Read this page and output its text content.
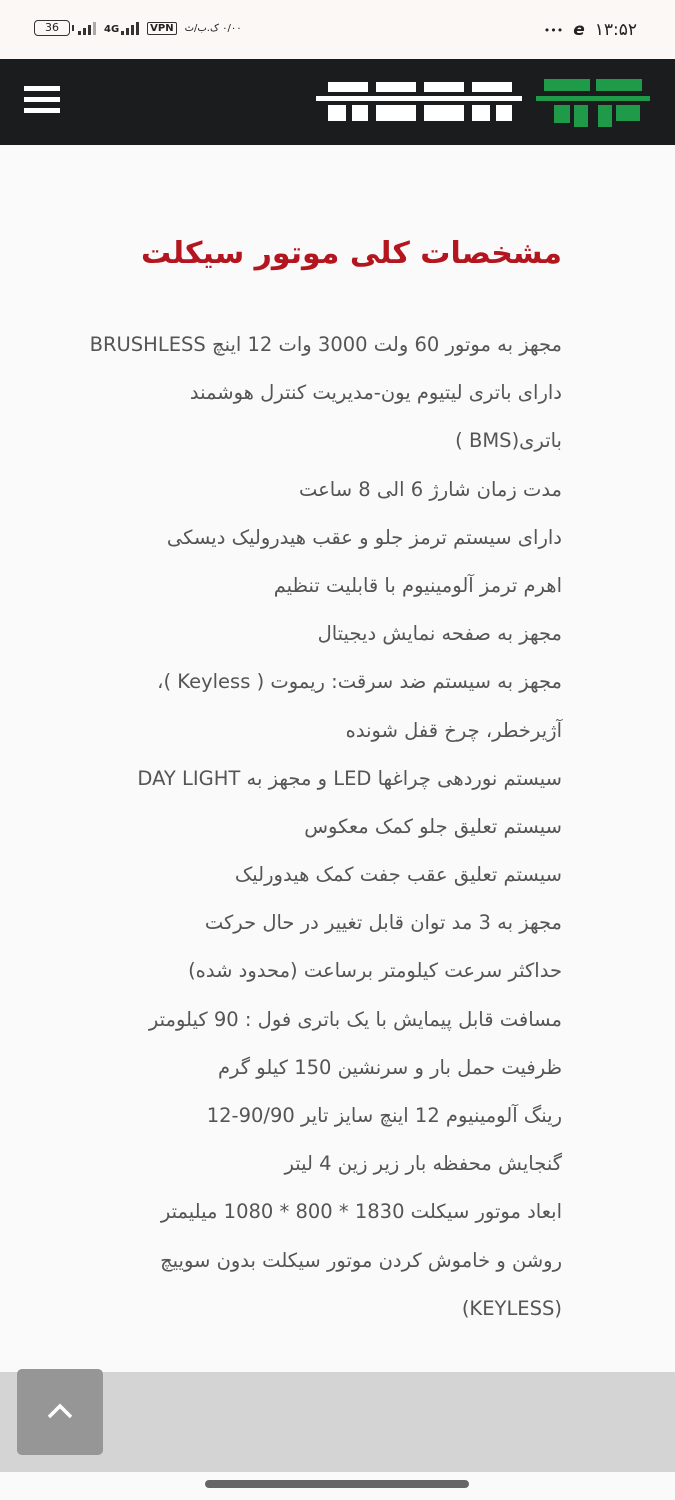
36	4G	VPN	۰/۰۰ ک.ب/ث	••• e ۱۳:۵۲
مشخصات کلی موتور سیکلت
مجهز به موتور 60 ولت 3000 وات 12 اینچ BRUSHLESS
دارای باتری لیتیوم یون-مدیریت کنترل هوشمند
باتری(BMS )
مدت زمان شارژ 6 الی 8 ساعت
دارای سیستم ترمز جلو و عقب هیدرولیک دیسکی
اهرم ترمز آلومینیوم با قابلیت تنظیم
مجهز به صفحه نمایش دیجیتال
مجهز به سیستم ضد سرقت: ریموت ( Keyless )،
آژیرخطر، چرخ قفل شونده
سیستم نوردهی چراغها LED و مجهز به DAY LIGHT
سیستم تعلیق جلو کمک معکوس
سیستم تعلیق عقب جفت کمک هیدورلیک
مجهز به 3 مد توان قابل تغییر در حال حرکت
حداکثر سرعت کیلومتر برساعت (محدود شده)
مسافت قابل پیمایش با یک باتری فول : 90 کیلومتر
ظرفیت حمل بار و سرنشین 150 کیلو گرم
رینگ آلومینیوم 12 اینچ سایز تایر 90/90-12
گنجایش محفظه بار زیر زین 4 لیتر
ابعاد موتور سیکلت 1830 * 800 * 1080 میلیمتر
روشن و خاموش کردن موتور سیکلت بدون سوییچ
(KEYLESS)
